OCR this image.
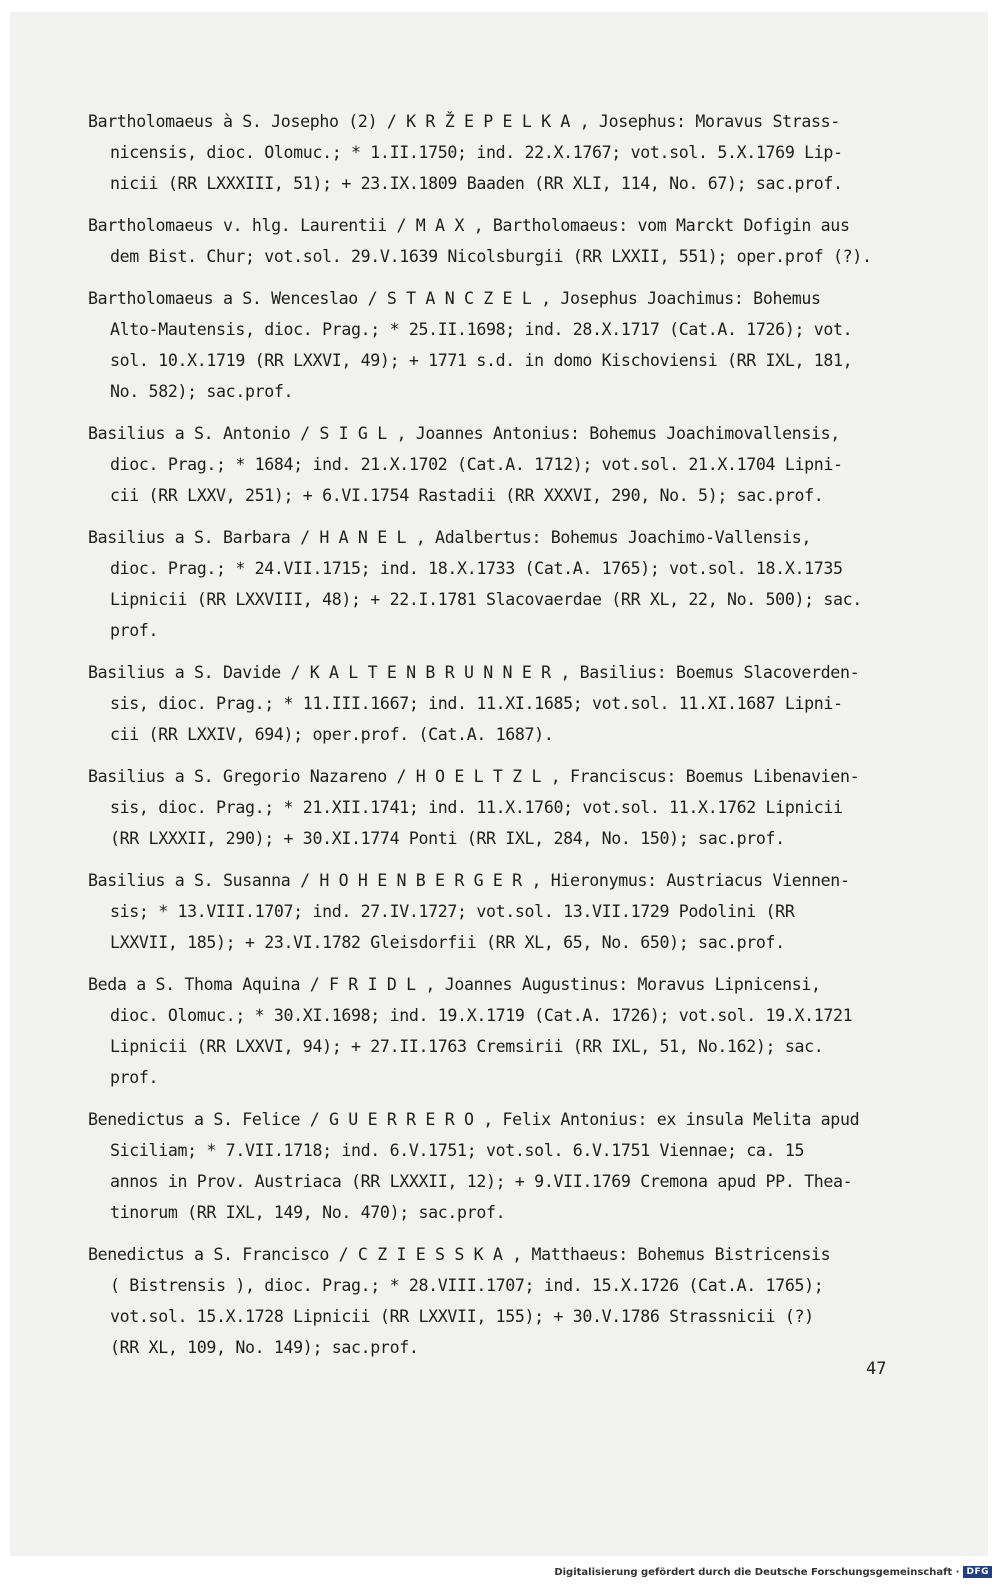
Bartholomaeus à S. Josepho (2) / K R Ž E P E L K A , Josephus: Moravus Strass-
nicensis, dioc. Olomuc.; * 1.II.1750; ind. 22.X.1767; vot.sol. 5.X.1769 Lip-
nicii (RR LXXXIII, 51); + 23.IX.1809 Baaden (RR XLI, 114, No. 67); sac.prof.
Bartholomaeus v. hlg. Laurentii / M A X , Bartholomaeus: vom Marckt Dofigin aus
dem Bist. Chur; vot.sol. 29.V.1639 Nicolsburgii (RR LXXII, 551); oper.prof (?).
Bartholomaeus a S. Wenceslao / S T A N C Z E L , Josephus Joachimus: Bohemus
Alto-Mautensis, dioc. Prag.; * 25.II.1698; ind. 28.X.1717 (Cat.A. 1726); vot.
sol. 10.X.1719 (RR LXXVI, 49); + 1771 s.d. in domo Kischoviensi (RR IXL, 181,
No. 582); sac.prof.
Basilius a S. Antonio / S I G L , Joannes Antonius: Bohemus Joachimovallensis,
dioc. Prag.; * 1684; ind. 21.X.1702 (Cat.A. 1712); vot.sol. 21.X.1704 Lipni-
cii (RR LXXV, 251); + 6.VI.1754 Rastadii (RR XXXVI, 290, No. 5); sac.prof.
Basilius a S. Barbara / H A N E L , Adalbertus: Bohemus Joachimo-Vallensis,
dioc. Prag.; * 24.VII.1715; ind. 18.X.1733 (Cat.A. 1765); vot.sol. 18.X.1735
Lipnicii (RR LXXVIII, 48); + 22.I.1781 Slacovaerdae (RR XL, 22, No. 500); sac.
prof.
Basilius a S. Davide / K A L T E N B R U N N E R , Basilius: Boemus Slacoverden-
sis, dioc. Prag.; * 11.III.1667; ind. 11.XI.1685; vot.sol. 11.XI.1687 Lipni-
cii (RR LXXIV, 694); oper.prof. (Cat.A. 1687).
Basilius a S. Gregorio Nazareno / H O E L T Z L , Franciscus: Boemus Libenavien-
sis, dioc. Prag.; * 21.XII.1741; ind. 11.X.1760; vot.sol. 11.X.1762 Lipnicii
(RR LXXXII, 290); + 30.XI.1774 Ponti (RR IXL, 284, No. 150); sac.prof.
Basilius a S. Susanna / H O H E N B E R G E R , Hieronymus: Austriacus Viennen-
sis; * 13.VIII.1707; ind. 27.IV.1727; vot.sol. 13.VII.1729 Podolini (RR
LXXVII, 185); + 23.VI.1782 Gleisdorfii (RR XL, 65, No. 650); sac.prof.
Beda a S. Thoma Aquina / F R I D L , Joannes Augustinus: Moravus Lipnicensi,
dioc. Olomuc.; * 30.XI.1698; ind. 19.X.1719 (Cat.A. 1726); vot.sol. 19.X.1721
Lipnicii (RR LXXVI, 94); + 27.II.1763 Cremsirii (RR IXL, 51, No.162); sac.
prof.
Benedictus a S. Felice / G U E R R E R O , Felix Antonius: ex insula Melita apud
Siciliam; * 7.VII.1718; ind. 6.V.1751; vot.sol. 6.V.1751 Viennae; ca. 15
annos in Prov. Austriaca (RR LXXXII, 12); + 9.VII.1769 Cremona apud PP. Thea-
tinorum (RR IXL, 149, No. 470); sac.prof.
Benedictus a S. Francisco / C Z I E S S K A , Matthaeus: Bohemus Bistricensis
( Bistrensis ), dioc. Prag.; * 28.VIII.1707; ind. 15.X.1726 (Cat.A. 1765);
vot.sol. 15.X.1728 Lipnicii (RR LXXVII, 155); + 30.V.1786 Strassnicii (?)
(RR XL, 109, No. 149); sac.prof.
47
Digitalisierung gefördert durch die Deutsche Forschungsgemeinschaft · DFG
